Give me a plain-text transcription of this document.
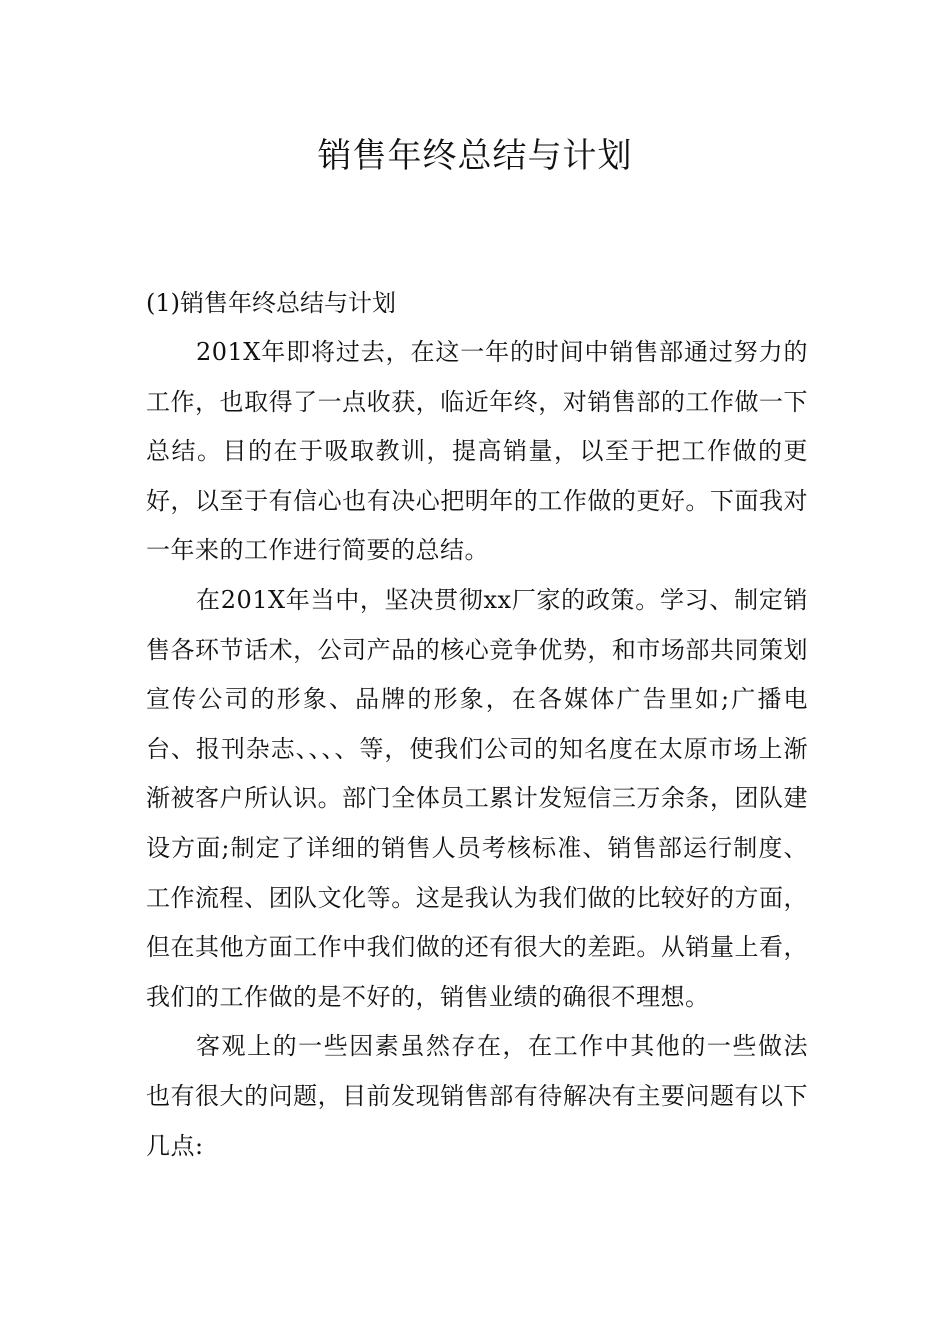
销售年终总结与计划

(1)销售年终总结与计划

201X年即将过去，在这一年的时间中销售部通过努力的工作，也取得了一点收获，临近年终，对销售部的工作做一下总结。目的在于吸取教训，提高销量，以至于把工作做的更好，以至于有信心也有决心把明年的工作做的更好。下面我对一年来的工作进行简要的总结。

在201X年当中，坚决贯彻xx厂家的政策。学习、制定销售各环节话术，公司产品的核心竞争优势，和市场部共同策划宣传公司的形象、品牌的形象，在各媒体广告里如;广播电台、报刊杂志、、、、等，使我们公司的知名度在太原市场上渐渐被客户所认识。部门全体员工累计发短信三万余条，团队建设方面;制定了详细的销售人员考核标准、销售部运行制度、工作流程、团队文化等。这是我认为我们做的比较好的方面，但在其他方面工作中我们做的还有很大的差距。从销量上看，我们的工作做的是不好的，销售业绩的确很不理想。

客观上的一些因素虽然存在，在工作中其他的一些做法也有很大的问题，目前发现销售部有待解决有主要问题有以下几点:
